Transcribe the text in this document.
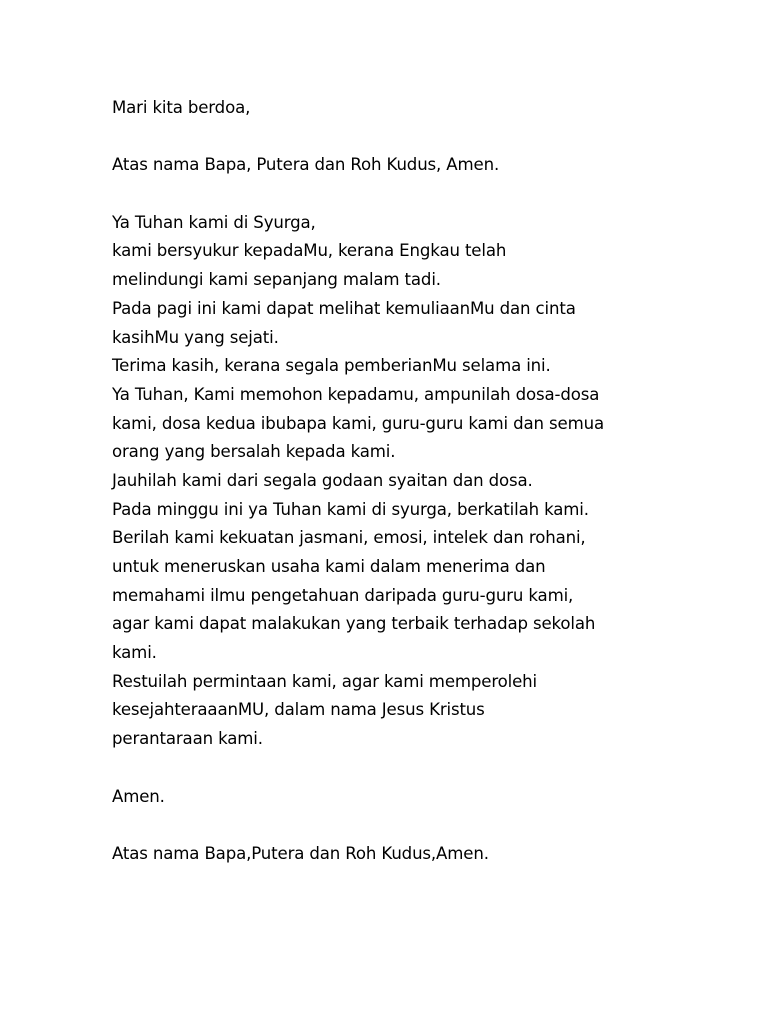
Mari kita berdoa,
Atas nama Bapa, Putera dan Roh Kudus, Amen.
Ya Tuhan kami di Syurga,
kami bersyukur kepadaMu, kerana Engkau telah
melindungi kami sepanjang malam tadi.
Pada pagi ini kami dapat melihat kemuliaanMu dan cinta
kasihMu yang sejati.
Terima kasih, kerana segala pemberianMu selama ini.
Ya Tuhan, Kami memohon kepadamu, ampunilah dosa-dosa
kami, dosa kedua ibubapa kami, guru-guru kami dan semua
orang yang bersalah kepada kami.
Jauhilah kami dari segala godaan syaitan dan dosa.
Pada minggu ini ya Tuhan kami di syurga, berkatilah kami.
Berilah kami kekuatan jasmani, emosi, intelek dan rohani,
untuk meneruskan usaha kami dalam menerima dan
memahami ilmu pengetahuan daripada guru-guru kami,
agar kami dapat malakukan yang terbaik terhadap sekolah
kami.
Restuilah permintaan kami, agar kami memperolehi
kesejahteraaanMU, dalam nama Jesus Kristus
perantaraan kami.
Amen.
Atas nama Bapa,Putera dan Roh Kudus,Amen.
